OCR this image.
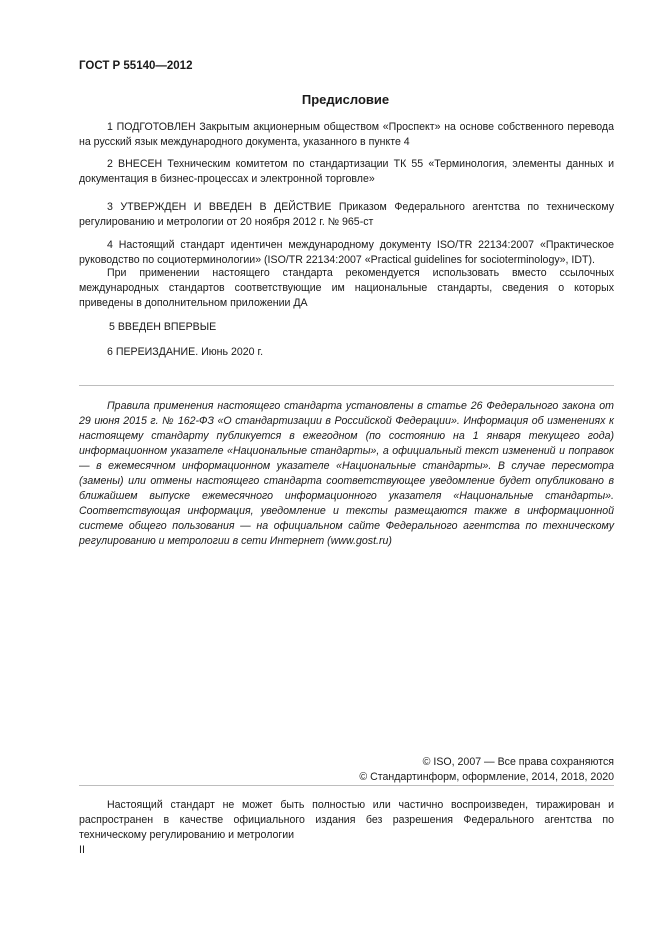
ГОСТ Р 55140—2012
Предисловие

1 ПОДГОТОВЛЕН Закрытым акционерным обществом «Проспект» на основе собственного перевода на русский язык международного документа, указанного в пункте 4

2 ВНЕСЕН Техническим комитетом по стандартизации ТК 55 «Терминология, элементы данных и документация в бизнес-процессах и электронной торговле»

3 УТВЕРЖДЕН И ВВЕДЕН В ДЕЙСТВИЕ Приказом Федерального агентства по техническому регулированию и метрологии от 20 ноября 2012 г. № 965-ст

4 Настоящий стандарт идентичен международному документу ISO/TR 22134:2007 «Практическое руководство по социотерминологии» (ISO/TR 22134:2007 «Practical guidelines for socioterminology», IDT).

При применении настоящего стандарта рекомендуется использовать вместо ссылочных международных стандартов соответствующие им национальные стандарты, сведения о которых приведены в дополнительном приложении ДА

5 ВВЕДЕН ВПЕРВЫЕ

6 ПЕРЕИЗДАНИЕ. Июнь 2020 г.

Правила применения настоящего стандарта установлены в статье 26 Федерального закона от 29 июня 2015 г. № 162-ФЗ «О стандартизации в Российской Федерации». Информация об изменениях к настоящему стандарту публикуется в ежегодном (по состоянию на 1 января текущего года) информационном указателе «Национальные стандарты», а официальный текст изменений и поправок — в ежемесячном информационном указателе «Национальные стандарты». В случае пересмотра (замены) или отмены настоящего стандарта соответствующее уведомление будет опубликовано в ближайшем выпуске ежемесячного информационного указателя «Национальные стандарты». Соответствующая информация, уведомление и тексты размещаются также в информационной системе общего пользования — на официальном сайте Федерального агентства по техническому регулированию и метрологии в сети Интернет (www.gost.ru)

© ISO, 2007 — Все права сохраняются
© Стандартинформ, оформление, 2014, 2018, 2020

Настоящий стандарт не может быть полностью или частично воспроизведен, тиражирован и распространен в качестве официального издания без разрешения Федерального агентства по техническому регулированию и метрологии

II
